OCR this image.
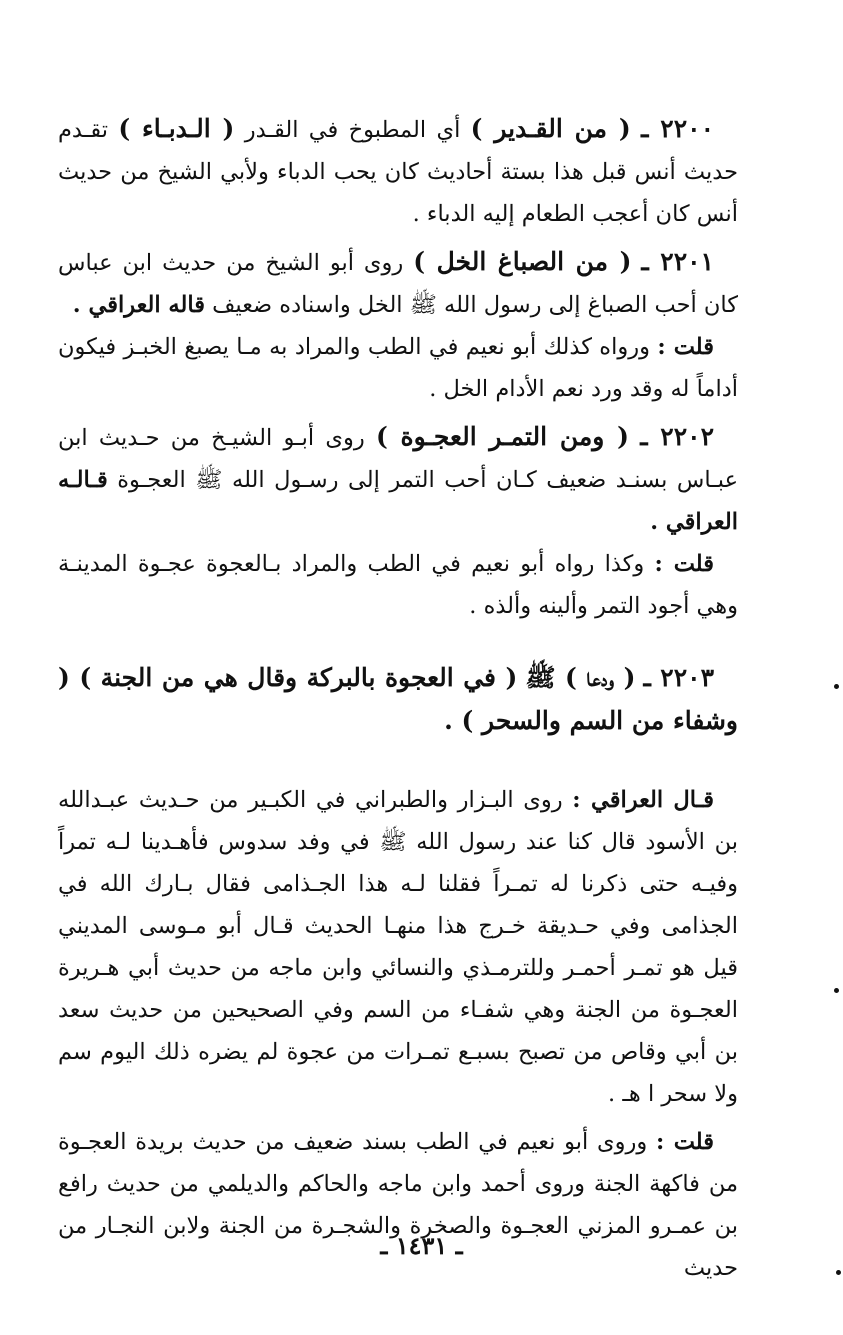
٢٢٠٠ ـ ( من القـدير ) أي المطبوخ في القـدر ( الـدبـاء ) تقـدم حديث أنس قبل هذا بستة أحاديث كان يحب الدباء ولأبي الشيخ من حديث أنس كان أعجب الطعام إليه الدباء .

٢٢٠١ ـ ( من الصباغ الخل ) روى أبو الشيخ من حديث ابن عباس كان أحب الصباغ إلى رسول الله ﷺ الخل واسناده ضعيف قاله العراقي .

قلت : ورواه كذلك أبو نعيم في الطب والمراد به مـا يصبغ الخبـز فيكون أداماً له وقد ورد نعم الأدام الخل .

٢٢٠٢ ـ ( ومن التمـر العجـوة ) روى أبـو الشيـخ من حـديث ابن عبـاس بسنـد ضعيف كـان أحب التمر إلى رسـول الله ﷺ العجـوة قـالـه العراقي .

قلت : وكذا رواه أبو نعيم في الطب والمراد بـالعجوة عجـوة المدينـة وهي أجود التمر وألينه وألذه .

٢٢٠٣ ـ ( ودعا ) ﷺ ( في العجوة بالبركة وقال هي من الجنة ) ( وشفاء من السم والسحر ) .

قـال العراقي : روى البـزار والطبراني في الكبـير من حـديث عبـدالله بن الأسود قال كنا عند رسول الله ﷺ في وفد سدوس فأهـدينا لـه تمراً وفيـه حتى ذكرنا له تمـراً فقلنا لـه هذا الجـذامى فقال بـارك الله في الجذامى وفي حـديقة خـرج هذا منهـا الحديث قـال أبو مـوسى المديني قيل هو تمـر أحمـر وللترمـذي والنسائي وابن ماجه من حديث أبي هـريرة العجـوة من الجنة وهي شفـاء من السم وفي الصحيحين من حديث سعد بن أبي وقاص من تصبح بسبـع تمـرات من عجوة لم يضره ذلك اليوم سم ولا سحر ا هـ .

قلت : وروى أبو نعيم في الطب بسند ضعيف من حديث بريدة العجـوة من فاكهة الجنة وروى أحمد وابن ماجه والحاكم والديلمي من حديث رافع بن عمـرو المزني العجـوة والصخرة والشجـرة من الجنة ولابن النجـار من حديث

ـ ١٤٣١ ـ
